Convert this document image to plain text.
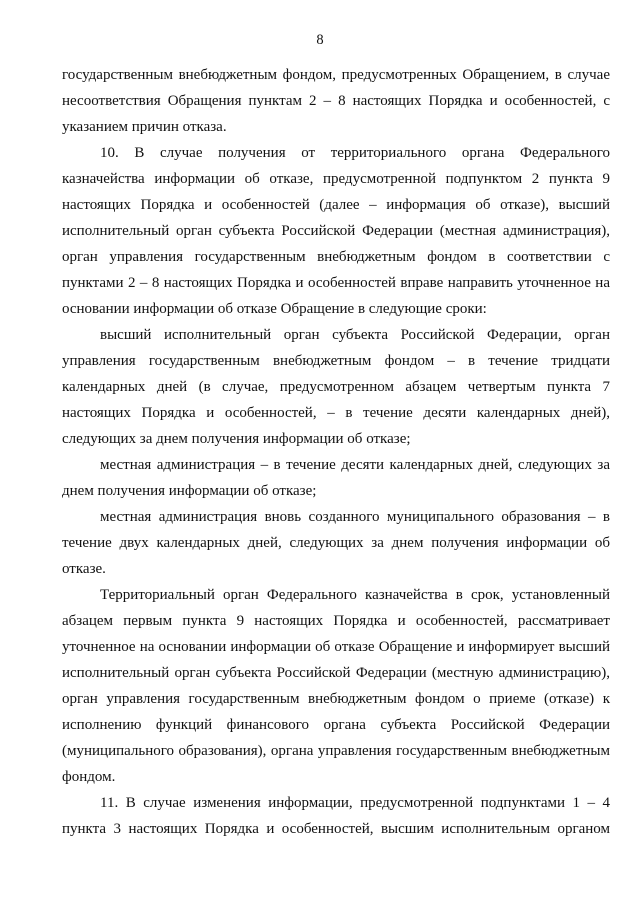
8

государственным внебюджетным фондом, предусмотренных Обращением, в случае несоответствия Обращения пунктам 2 – 8 настоящих Порядка и особенностей, с указанием причин отказа.

10. В случае получения от территориального органа Федерального казначейства информации об отказе, предусмотренной подпунктом 2 пункта 9 настоящих Порядка и особенностей (далее – информация об отказе), высший исполнительный орган субъекта Российской Федерации (местная администрация), орган управления государственным внебюджетным фондом в соответствии с пунктами 2 – 8 настоящих Порядка и особенностей вправе направить уточненное на основании информации об отказе Обращение в следующие сроки:

высший исполнительный орган субъекта Российской Федерации, орган управления государственным внебюджетным фондом – в течение тридцати календарных дней (в случае, предусмотренном абзацем четвертым пункта 7 настоящих Порядка и особенностей, – в течение десяти календарных дней), следующих за днем получения информации об отказе;

местная администрация – в течение десяти календарных дней, следующих за днем получения информации об отказе;

местная администрация вновь созданного муниципального образования – в течение двух календарных дней, следующих за днем получения информации об отказе.

Территориальный орган Федерального казначейства в срок, установленный абзацем первым пункта 9 настоящих Порядка и особенностей, рассматривает уточненное на основании информации об отказе Обращение и информирует высший исполнительный орган субъекта Российской Федерации (местную администрацию), орган управления государственным внебюджетным фондом о приеме (отказе) к исполнению функций финансового органа субъекта Российской Федерации (муниципального образования), органа управления государственным внебюджетным фондом.

11. В случае изменения информации, предусмотренной подпунктами 1 – 4 пункта 3 настоящих Порядка и особенностей, высшим исполнительным органом
